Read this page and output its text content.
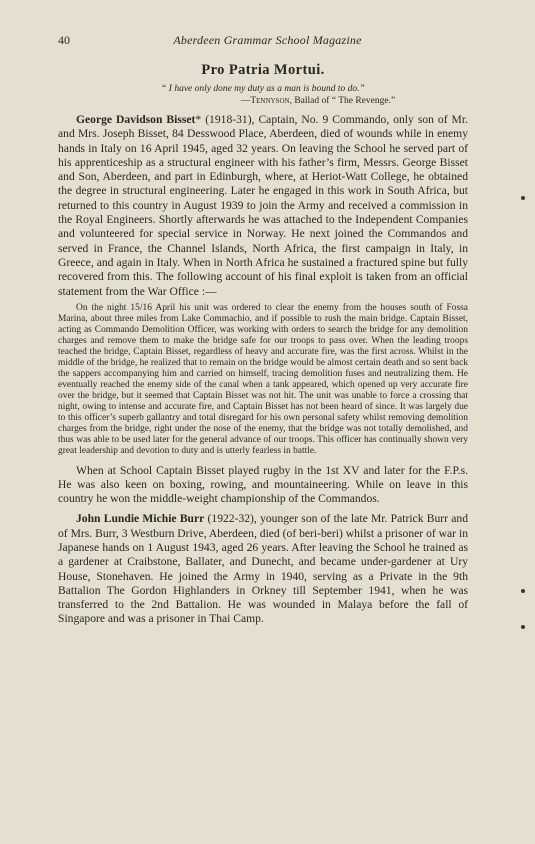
40	Aberdeen Grammar School Magazine
Pro Patria Mortui.
“ I have only done my duty as a man is bound to do.”
—Tennyson, Ballad of “ The Revenge.”

George Davidson Bisset* (1918-31), Captain, No. 9 Commando, only son of Mr. and Mrs. Joseph Bisset, 84 Desswood Place, Aberdeen, died of wounds while in enemy hands in Italy on 16 April 1945, aged 32 years. On leaving the School he served part of his apprenticeship as a structural engineer with his father’s firm, Messrs. George Bisset and Son, Aberdeen, and part in Edinburgh, where, at Heriot-Watt College, he obtained the degree in structural engineering. Later he engaged in this work in South Africa, but returned to this country in August 1939 to join the Army and received a commission in the Royal Engineers. Shortly afterwards he was attached to the Independent Companies and volunteered for special service in Norway. He next joined the Commandos and served in France, the Channel Islands, North Africa, the first campaign in Italy, in Greece, and again in Italy. When in North Africa he sustained a fractured spine but fully recovered from this. The following account of his final exploit is taken from an official statement from the War Office :—

On the night 15/16 April his unit was ordered to clear the enemy from the houses south of Fossa Marina, about three miles from Lake Commachio, and if possible to rush the main bridge. Captain Bisset, acting as Commando Demolition Officer, was working with orders to search the bridge for any demolition charges and remove them to make the bridge safe for our troops to pass over. When the leading troops teached the bridge, Captain Bisset, regardless of heavy and accurate fire, was the first across. Whilst in the middle of the bridge, he realized that to remain on the bridge would be almost certain death and so sent back the sappers accompanying him and carried on himself, tracing demolition fuses and neutralizing them. He eventually reached the enemy side of the canal when a tank appeared, which opened up very accurate fire over the bridge, but it seemed that Captain Bisset was not hit. The unit was unable to force a crossing that night, owing to intense and accurate fire, and Captain Bisset has not been heard of since. It was largely due to this officer’s superb gallantry and total disregard for his own personal safety whilst removing demolition charges from the bridge, right under the nose of the enemy, that the bridge was not totally demolished, and thus was able to be used later for the general advance of our troops. This officer has continually shown very great leadership and devotion to duty and is utterly fearless in battle.

When at School Captain Bisset played rugby in the 1st XV and later for the F.P.s. He was also keen on boxing, rowing, and mountaineering. While on leave in this country he won the middle-weight championship of the Commandos.

John Lundie Michie Burr (1922-32), younger son of the late Mr. Patrick Burr and of Mrs. Burr, 3 Westburn Drive, Aberdeen, died (of beri-beri) whilst a prisoner of war in Japanese hands on 1 August 1943, aged 26 years. After leaving the School he trained as a gardener at Craibstone, Ballater, and Dunecht, and became under-gardener at Ury House, Stonehaven. He joined the Army in 1940, serving as a Private in the 9th Battalion The Gordon Highlanders in Orkney till September 1941, when he was transferred to the 2nd Battalion. He was wounded in Malaya before the fall of Singapore and was a prisoner in Thai Camp.
